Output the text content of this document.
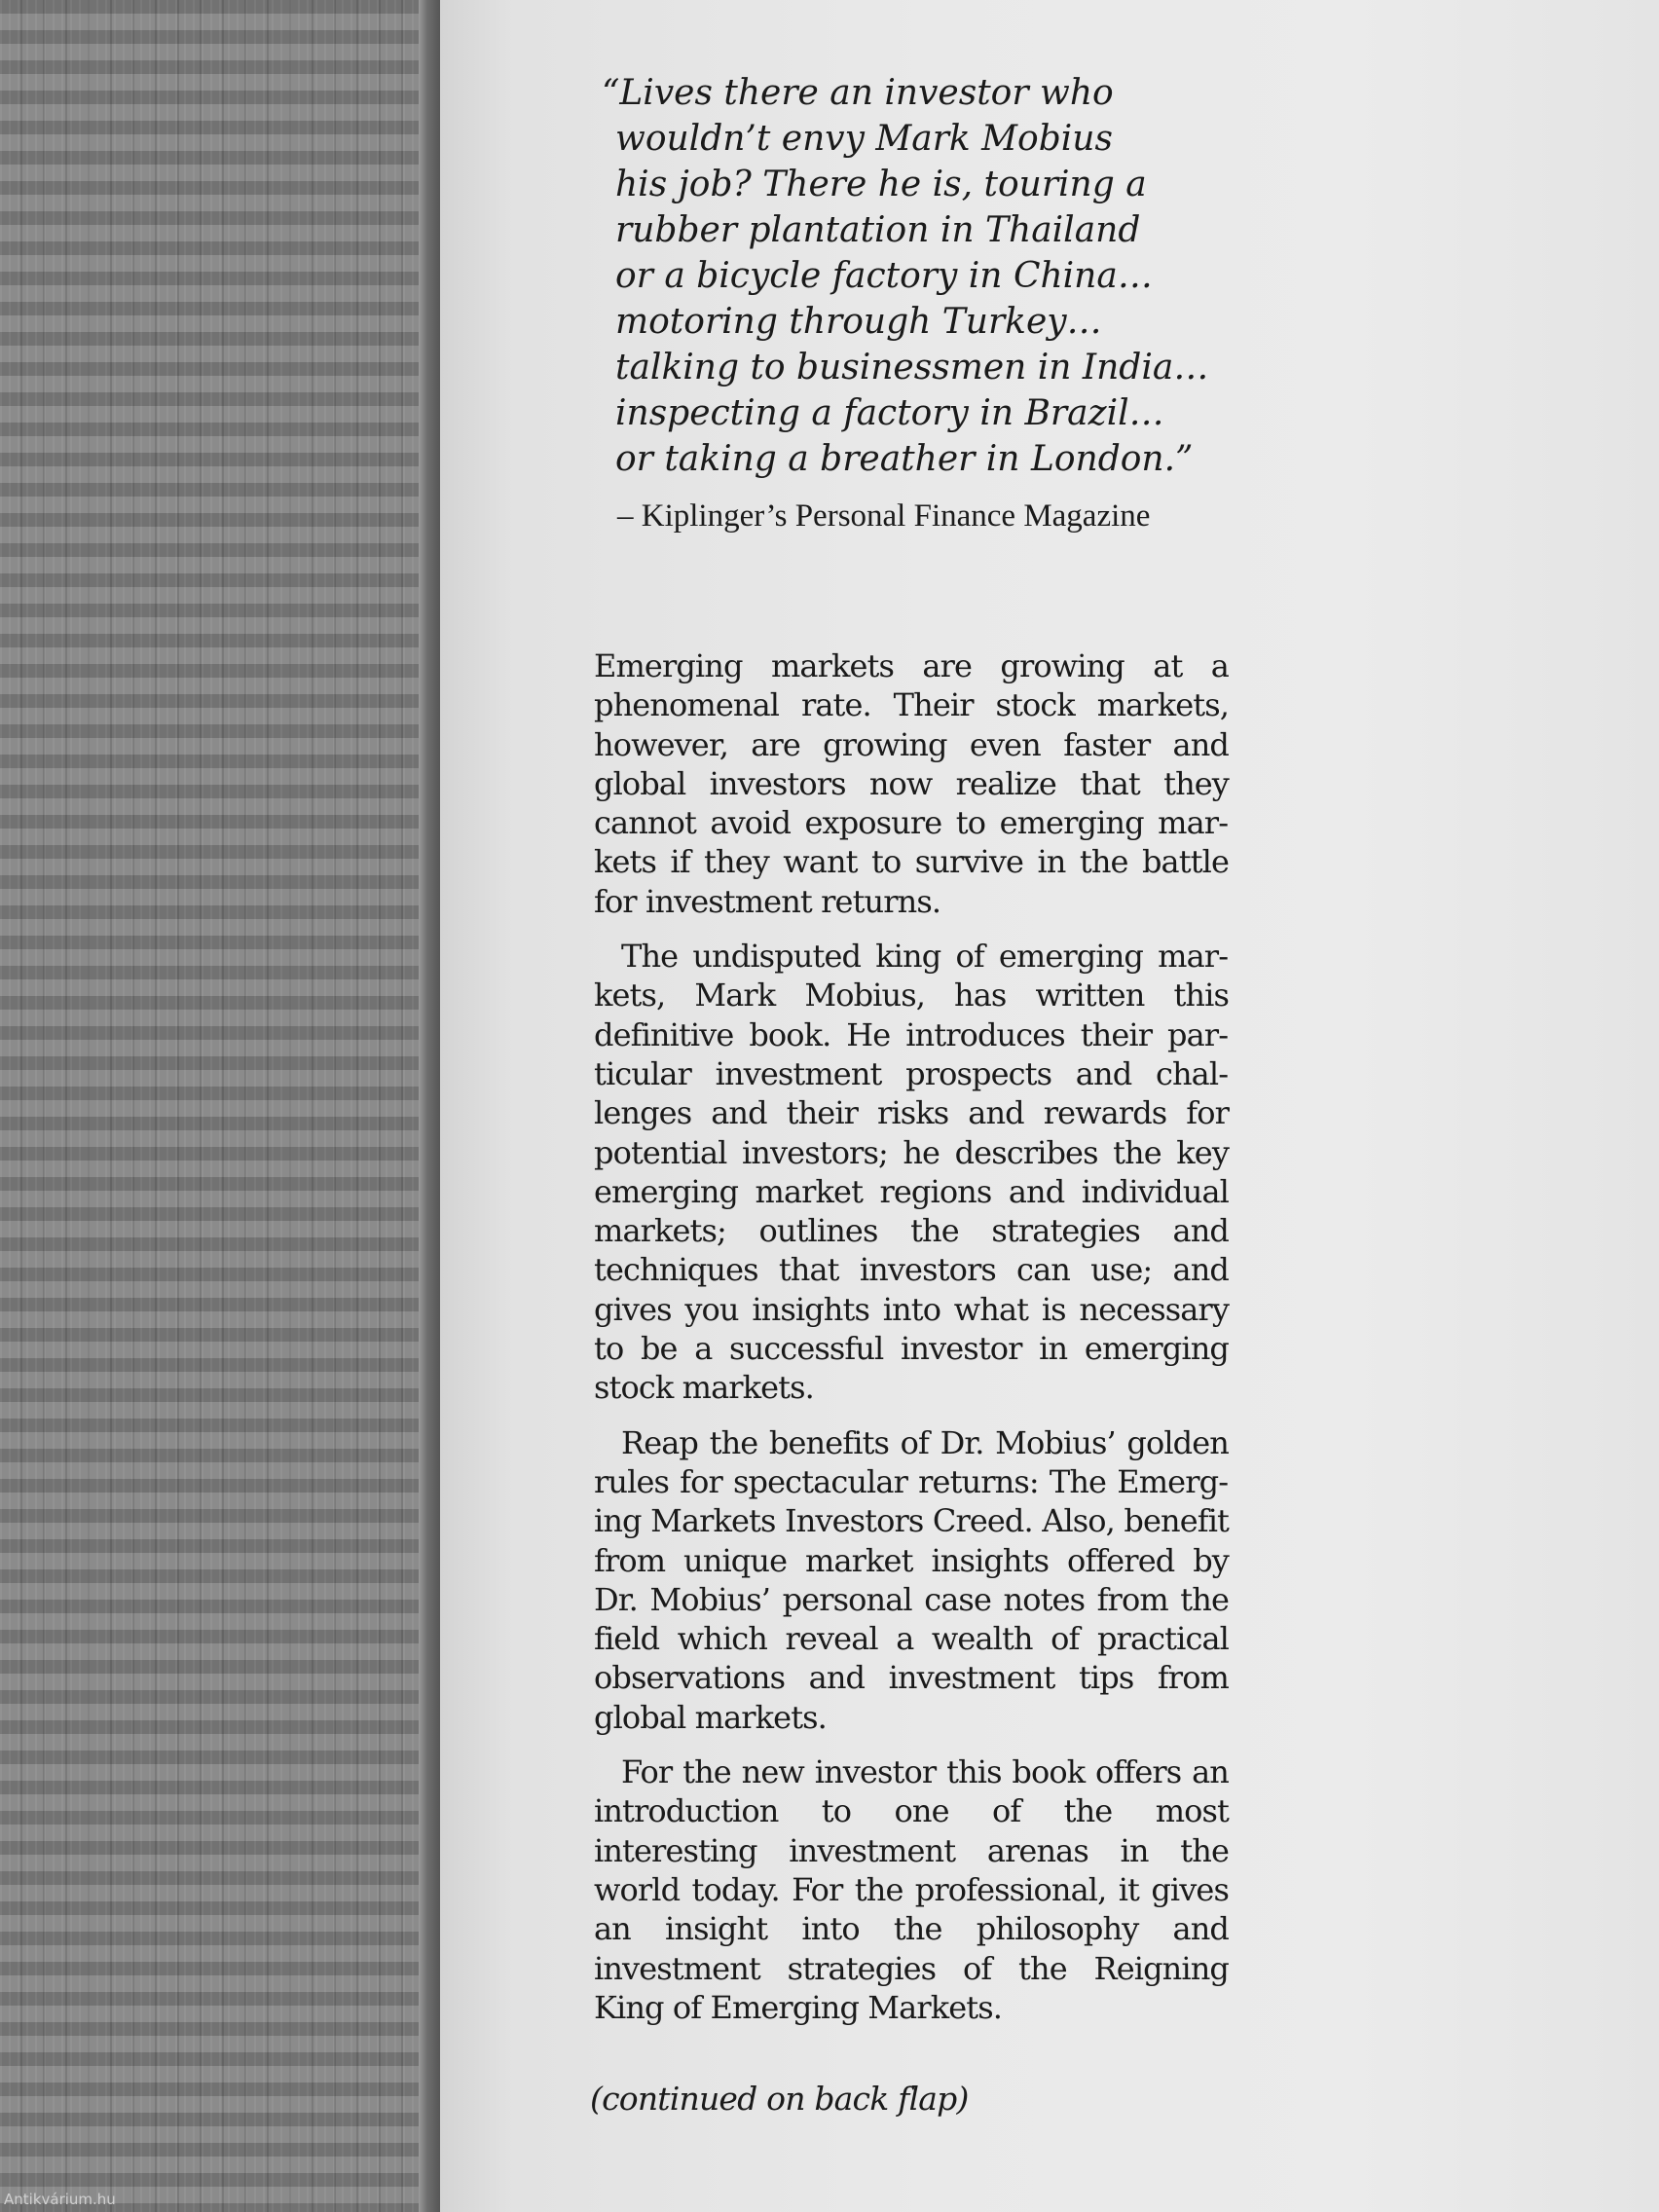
“Lives there an investor who
wouldn’t envy Mark Mobius
his job? There he is, touring a
rubber plantation in Thailand
or a bicycle factory in China…
motoring through Turkey…
talking to businessmen in India…
inspecting a factory in Brazil…
or taking a breather in London.”

– Kiplinger’s Personal Finance Magazine

Emerging markets are growing at a phenomenal rate. Their stock markets, however, are growing even faster and global investors now realize that they cannot avoid exposure to emerging markets if they want to survive in the battle for investment returns.

The undisputed king of emerging markets, Mark Mobius, has written this definitive book. He introduces their particular investment prospects and challenges and their risks and rewards for potential investors; he describes the key emerging market regions and individual markets; outlines the strategies and techniques that investors can use; and gives you insights into what is necessary to be a successful investor in emerging stock markets.

Reap the benefits of Dr. Mobius’ golden rules for spectacular returns: The Emerging Markets Investors Creed. Also, benefit from unique market insights offered by Dr. Mobius’ personal case notes from the field which reveal a wealth of practical observations and investment tips from global markets.

For the new investor this book offers an introduction to one of the most interesting investment arenas in the world today. For the professional, it gives an insight into the philosophy and investment strategies of the Reigning King of Emerging Markets.

(continued on back flap)
Antikvárium.hu
